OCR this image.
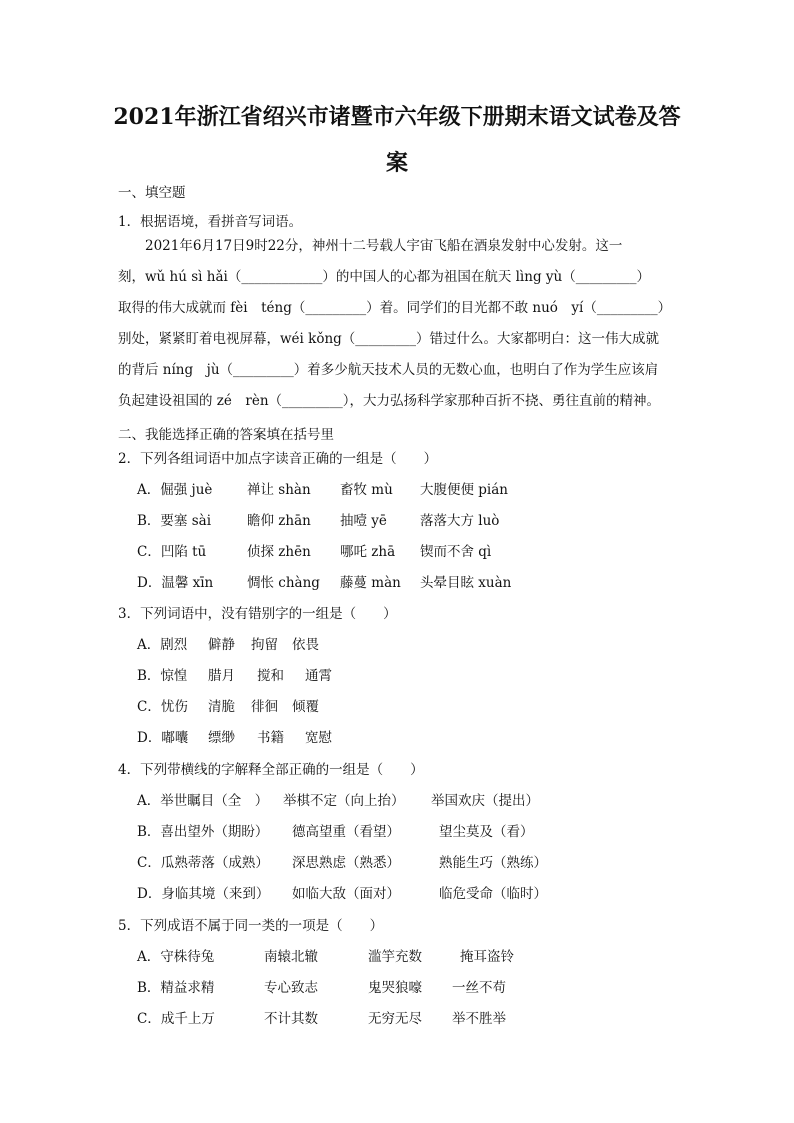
2021年浙江省绍兴市诸暨市六年级下册期末语文试卷及答
案
一、填空题
1．根据语境，看拼音写词语。

　　2021年6月17日9时22分，神州十二号载人宇宙飞船在酒泉发射中心发射。这一

刻，wǔ hú sì hǎi（____________）的中国人的心都为祖国在航天 lìng yù（_________）

取得的伟大成就而 fèi　téng（_________）着。同学们的目光都不敢 nuó　yí（_________）

别处，紧紧盯着电视屏幕，wéi kǒng（_________）错过什么。大家都明白：这一伟大成就

的背后 níng　jù（_________）着多少航天技术人员的无数心血，也明白了作为学生应该肩

负起建设祖国的 zé　rèn（_________），大力弘扬科学家那种百折不挠、勇往直前的精神。

二、我能选择正确的答案填在括号里
2．下列各组词语中加点字读音正确的一组是（　　）
A．倔强 juè	禅让 shàn 畜牧 mù 大腹便便 pián
B．要塞 sài	瞻仰 zhān 抽噎 yē 落落大方 luò
C．凹陷 tū	侦探 zhēn 哪吒 zhā 锲而不舍 qì
D．温馨 xīn	惆怅 chàng 藤蔓 màn 头晕目眩 xuàn
3．下列词语中，没有错别字的一组是（　　）
A．剧烈 僻静 拘留 依畏
B．惊惶 腊月 搅和 通霄
C．忧伤 清脆 徘徊 倾覆
D．嘟囔 缥缈 书籍 宽慰
4．下列带横线的字解释全部正确的一组是（　　）
A．举世瞩目（全　） 举棋不定（向上抬） 举国欢庆（提出）
B．喜出望外（期盼） 德高望重（看望）	望尘莫及（看）
C．瓜熟蒂落（成熟） 深思熟虑（熟悉）	熟能生巧（熟练）
D．身临其境（来到） 如临大敌（面对）	临危受命（临时）
5．下列成语不属于同一类的一项是（　　）
A．守株待兔	南辕北辙	滥竽充数	掩耳盗铃
B．精益求精	专心致志	鬼哭狼嚎 一丝不苟
C．成千上万	不计其数	无穷无尽 举不胜举
